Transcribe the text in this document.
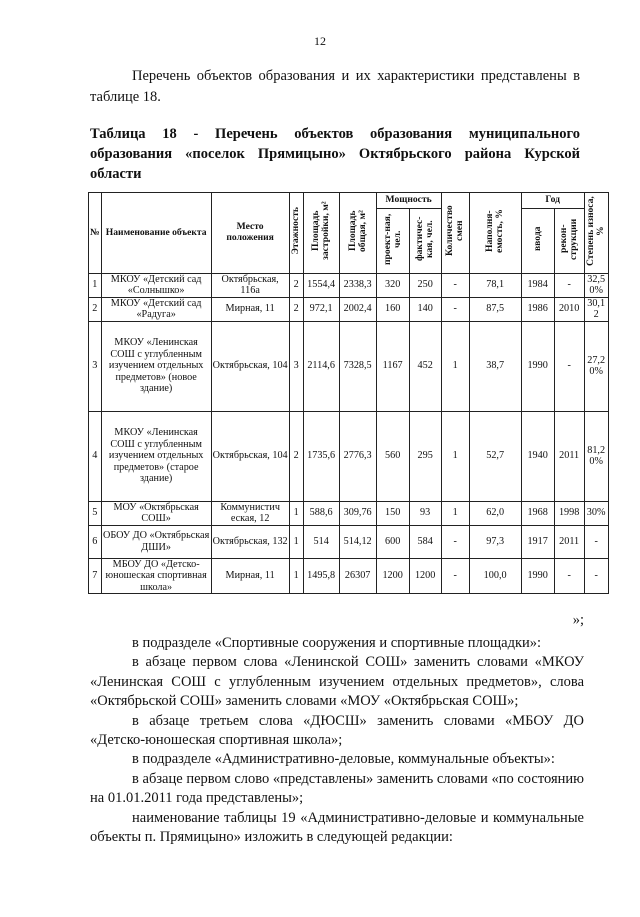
12

Перечень объектов образования и их характеристики представлены в таблице 18.

Таблица 18 - Перечень объектов образования муниципального образования «поселок Прямицыно» Октябрьского района Курской области
№	Наименование объекта	Место положения	Этажность	Площадь застройки, м²	Площадь общая, м²	Мощность		Количество смен	Наполня-емость, %	Год		Степень износа, %
						проект-ная, чел.	фактичес-кая, чел.			ввода	рекон-струкции	
1	МКОУ «Детский сад «Солнышко»	Октябрьская, 116а	2	1554,4	2338,3	320	250	-	78,1	1984	-	32,5 0%
2	МКОУ «Детский сад «Радуга»	Мирная, 11	2	972,1	2002,4	160	140	-	87,5	1986	2010	30,1 2
3	МКОУ «Ленинская СОШ с углубленным изучением отдельных предметов» (новое здание)	Октябрьская, 104	3	2114,6	7328,5	1167	452	1	38,7	1990	-	27,2 0%
4	МКОУ «Ленинская СОШ с углубленным изучением отдельных предметов» (старое здание)	Октябрьская, 104	2	1735,6	2776,3	560	295	1	52,7	1940	2011	81,2 0%
5	МОУ «Октябрьская СОШ»	Коммунистич еская, 12	1	588,6	309,76	150	93	1	62,0	1968	1998	30%
6	ОБОУ ДО «Октябрьская ДШИ»	Октябрьская, 132	1	514	514,12	600	584	-	97,3	1917	2011	-
7	МБОУ ДО «Детско-юношеская спортивная школа»	Мирная, 11	1	1495,8	26307	1200	1200	-	100,0	1990	-	-
»;

в подразделе «Спортивные сооружения и спортивные площадки»:

в абзаце первом слова «Ленинской СОШ» заменить словами «МКОУ «Ленинская СОШ с углубленным изучением отдельных предметов», слова «Октябрьской СОШ» заменить словами «МОУ «Октябрьская СОШ»;

в абзаце третьем слова «ДЮСШ» заменить словами «МБОУ ДО «Детско-юношеская спортивная школа»;

в подразделе «Административно-деловые, коммунальные объекты»:

в абзаце первом слово «представлены» заменить словами «по состоянию на 01.01.2011 года представлены»;

наименование таблицы 19 «Административно-деловые и коммунальные объекты п. Прямицыно» изложить в следующей редакции:
